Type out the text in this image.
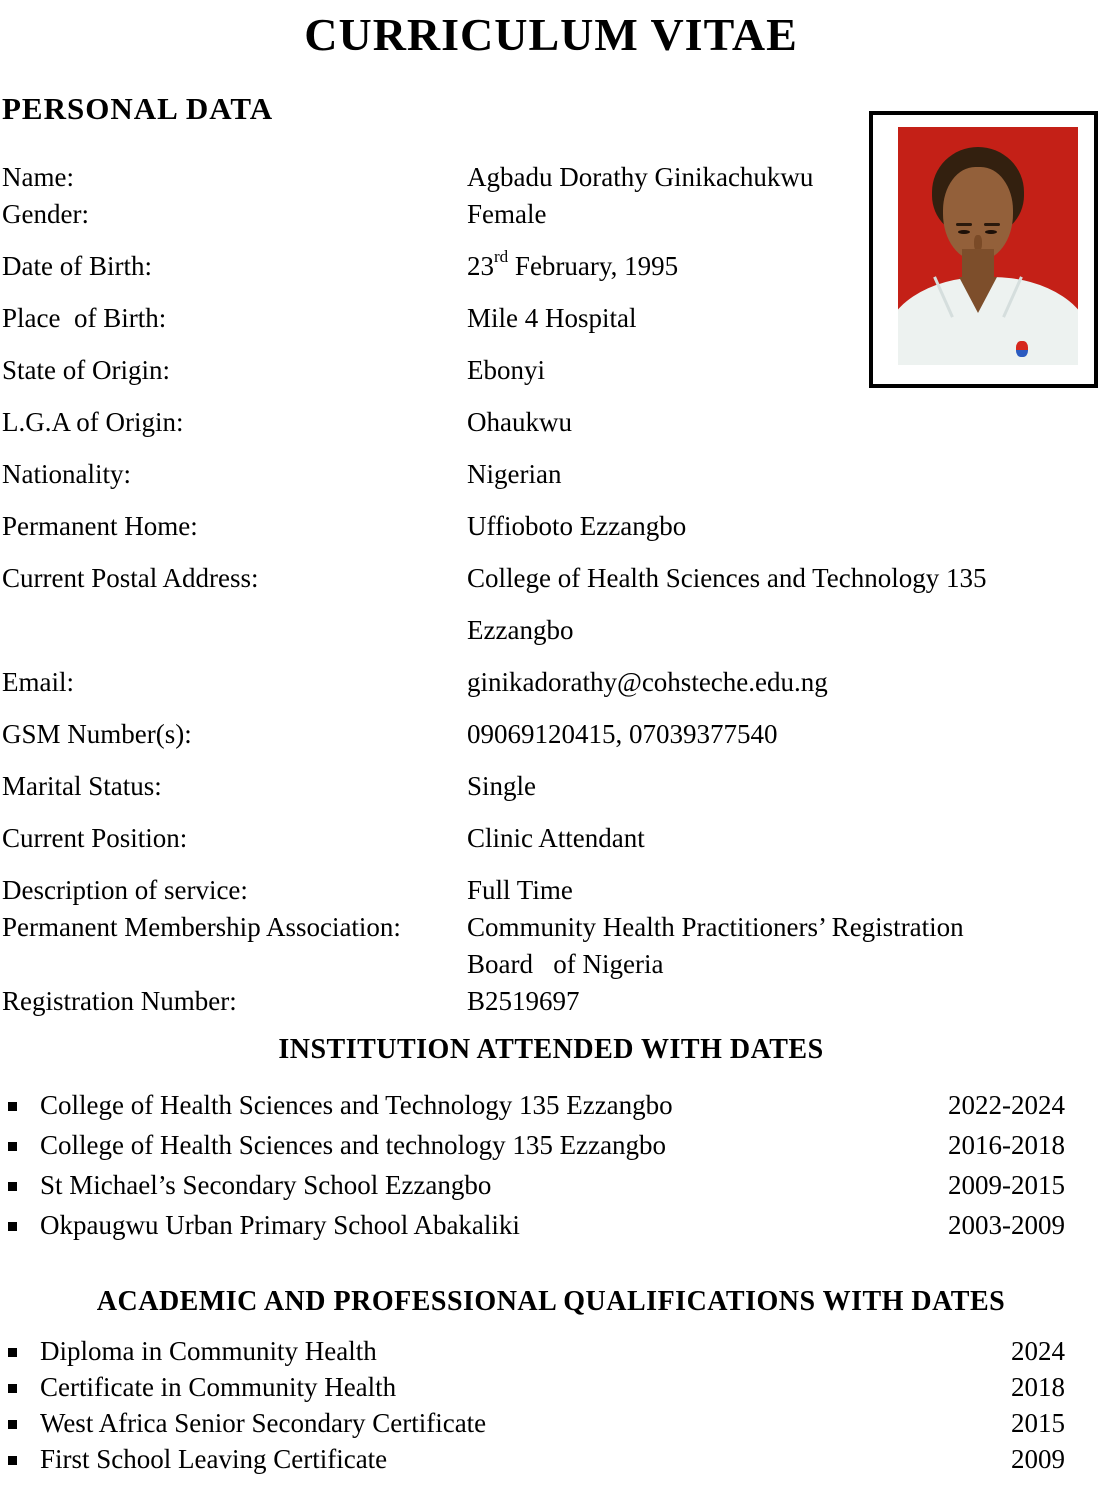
CURRICULUM VITAE
PERSONAL DATA
Name:	Agbadu Dorathy Ginikachukwu
Gender:	Female
Date of Birth:	23rd February, 1995
Place  of Birth:	Mile 4 Hospital
State of Origin:	Ebonyi
L.G.A of Origin:	Ohaukwu
Nationality:	Nigerian
Permanent Home:	Uffioboto Ezzangbo
Current Postal Address:	College of Health Sciences and Technology 135
Ezzangbo
Email:	ginikadorathy@cohsteche.edu.ng
GSM Number(s):	09069120415, 07039377540
Marital Status:	Single
Current Position:	Clinic Attendant
Description of service:	Full Time
Permanent Membership Association:	Community Health Practitioners’ Registration
Board   of Nigeria
Registration Number:	B2519697
INSTITUTION ATTENDED WITH DATES
College of Health Sciences and Technology 135 Ezzangbo	2022-2024
College of Health Sciences and technology 135 Ezzangbo	2016-2018
St Michael’s Secondary School Ezzangbo	2009-2015
Okpaugwu Urban Primary School Abakaliki	2003-2009
ACADEMIC AND PROFESSIONAL QUALIFICATIONS WITH DATES
Diploma in Community Health	2024
Certificate in Community Health	2018
West Africa Senior Secondary Certificate	2015
First School Leaving Certificate	2009
